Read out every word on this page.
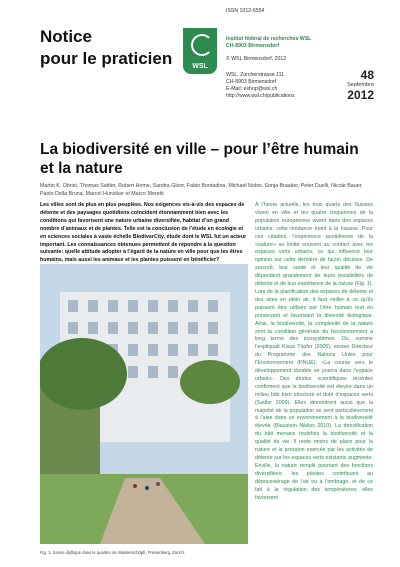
Notice
pour le praticien	WSL
ISSN 1012-6554
Institut fédéral de recherches WSL
CH-8903 Birmensdorf
© WSL Birmensdorf, 2012
WSL, Zürcherstrasse 111
CH-8903 Birmensdorf
E-Mail: eshop@wsl.ch
http://www.wsl.ch/publications
48
Septembre
2012
La biodiversité en ville – pour l’être humain et la nature
Martin K. Obrist, Thomas Sattler, Robert Home, Sandra Gloor, Fabio Bontadina, Michael Nobis, Sonja Braaker, Peter Duelli, Nicole Bauer, Paolo Della Bruna, Marcel Hunziker et Marco Moretti
Les villes sont de plus en plus peuplées. Nos exigences vis-à-vis des espaces de détente et des paysages quotidiens coïncident étonnamment bien avec les conditions qui favorisent une nature urbaine diversifiée, habitat d’un grand nombre d’animaux et de plantes. Telle est la conclusion de l’étude en écologie et en sciences sociales à vaste échelle BiodiverCity, étude dont le WSL fut un acteur important. Les connaissances obtenues permettent de répondre à la question suivante: quelle attitude adopter à l’égard de la nature en ville pour que les êtres humains, mais aussi les animaux et les plantes puissent en bénéficier?
Fig. 1. Scène idyllique dans le quartier de Wasserschöpfi, Friesenberg, Zurich.
À l’heure actuelle, les trois quarts des Suisses vivent en ville et les quatre cinquièmes de la population européenne vivent dans des espaces urbains; cette tendance étant à la hausse. Pour ces citadins, l’expérience quotidienne de la «nature» se limite souvent au contact avec les espaces verts urbains, ce qui influence leur opinion sur cette dernière de façon décisive. De surcroît, leur santé et leur qualité de vie dépendent grandement de leurs possibilités de détente et de leur expérience de la nature (Fig. 1). Lors de la planification des espaces de détente et des sites en plein air, il faut veiller à ce qu’ils puissent être utilisés par l’être humain tout en préservant et favorisant la diversité biologique. Ainsi, la biodiversité, la complexité de la nature sont la condition générale du fonctionnement à long terme des écosystèmes. Ou, comme l’expliquait Klaus Töpfer (2005), ancien Directeur du Programme des Nations Unies pour l’Environnement (PNUE): «La course vers le développement durable se jouera dans l’espace urbain». Des études scientifiques récentes confirment que la biodiversité est élevée dans un milieu bâti bien structuré et doté d’espaces verts (Sattler 2009). Elles démontrent aussi que la majorité de la population se sent particulièrement à l’aise dans un environnement à la biodiversité élevée (Blaustein Nikliss 2010). La densification du bâti menace toutefois la biodiversité et la qualité de vie. Il reste moins de place pour la nature et la pression exercée par les activités de détente sur les espaces verts existants augmente. Enville, la nature remplit pourtant des fonctions diversifiées: les plantes contribuent au dépoussiérage de l’air ou à l’ombrage, et de ce fait à la régulation des températures; elles favorisent
